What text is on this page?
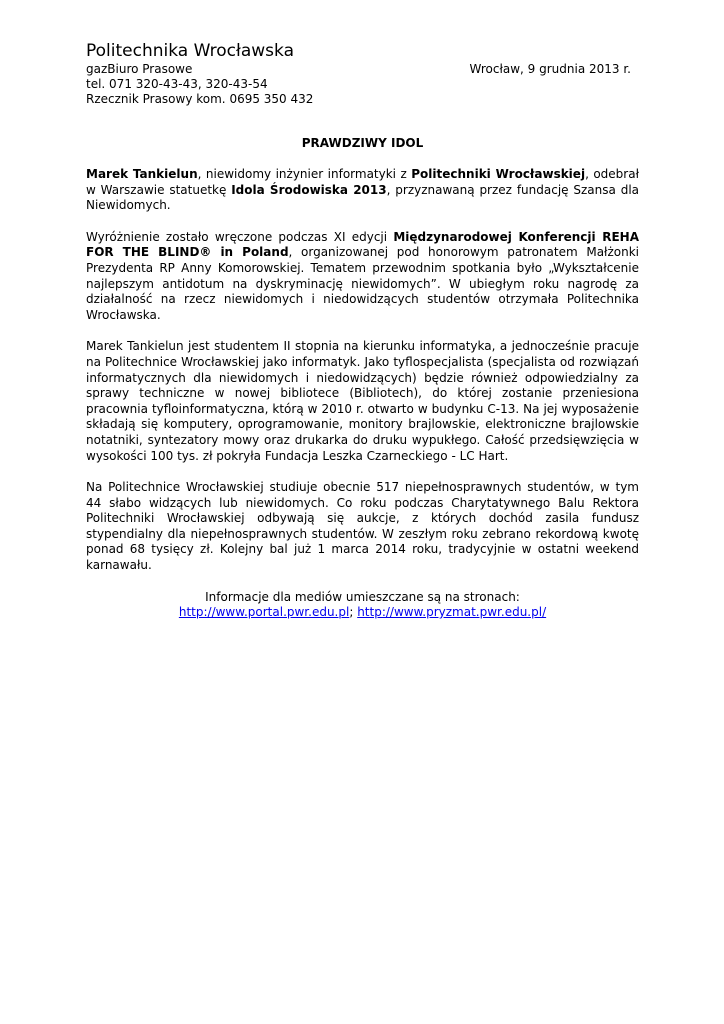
Politechnika Wrocławska
gazBiuro Prasowe	Wrocław, 9 grudnia 2013 r.
tel. 071 320-43-43, 320-43-54
Rzecznik Prasowy kom. 0695 350 432
PRAWDZIWY IDOL

Marek Tankielun, niewidomy inżynier informatyki z Politechniki Wrocławskiej, odebrał w Warszawie statuetkę Idola Środowiska 2013, przyznawaną przez fundację Szansa dla Niewidomych.

Wyróżnienie zostało wręczone podczas XI edycji Międzynarodowej Konferencji REHA FOR THE BLIND® in Poland, organizowanej pod honorowym patronatem Małżonki Prezydenta RP Anny Komorowskiej. Tematem przewodnim spotkania było „Wykształcenie najlepszym antidotum na dyskryminację niewidomych”. W ubiegłym roku nagrodę za działalność na rzecz niewidomych i niedowidzących studentów otrzymała Politechnika Wrocławska.

Marek Tankielun jest studentem II stopnia na kierunku informatyka, a jednocześnie pracuje na Politechnice Wrocławskiej jako informatyk. Jako tyflospecjalista (specjalista od rozwiązań informatycznych dla niewidomych i niedowidzących) będzie również odpowiedzialny za sprawy techniczne w nowej bibliotece (Bibliotech), do której zostanie przeniesiona pracownia tyfloinformatyczna, którą w 2010 r. otwarto w budynku C-13. Na jej wyposażenie składają się komputery, oprogramowanie, monitory brajlowskie, elektroniczne brajlowskie notatniki, syntezatory mowy oraz drukarka do druku wypukłego. Całość przedsięwzięcia w wysokości 100 tys. zł pokryła Fundacja Leszka Czarneckiego - LC Hart.

Na Politechnice Wrocławskiej studiuje obecnie 517 niepełnosprawnych studentów, w tym 44 słabo widzących lub niewidomych. Co roku podczas Charytatywnego Balu Rektora Politechniki Wrocławskiej odbywają się aukcje, z których dochód zasila fundusz stypendialny dla niepełnosprawnych studentów. W zeszłym roku zebrano rekordową kwotę ponad 68 tysięcy zł. Kolejny bal już 1 marca 2014 roku, tradycyjnie w ostatni weekend karnawału.

Informacje dla mediów umieszczane są na stronach:
http://www.portal.pwr.edu.pl; http://www.pryzmat.pwr.edu.pl/
